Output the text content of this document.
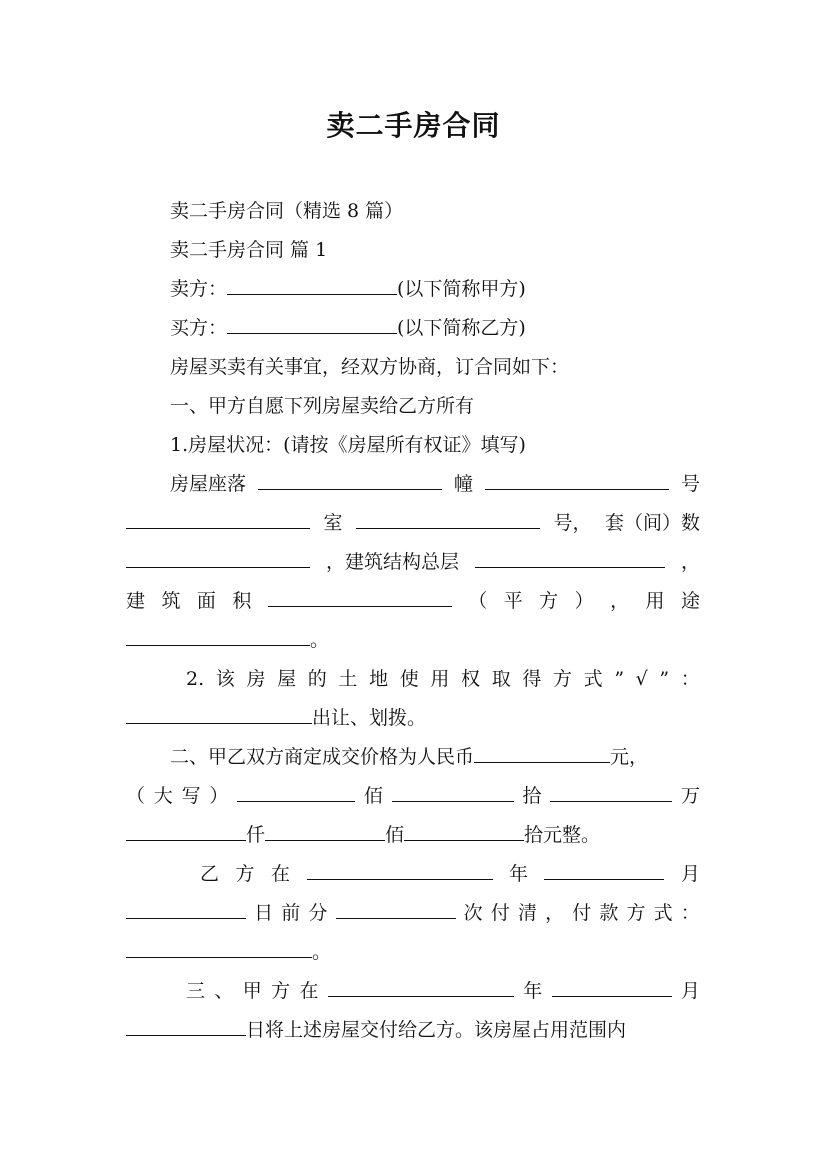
卖二手房合同
卖二手房合同（精选 8 篇）
卖二手房合同 篇 1
卖方：	(以下简称甲方)
买方：	(以下简称乙方)
房屋买卖有关事宜，经双方协商，订合同如下：
一、甲方自愿下列房屋卖给乙方所有
1.房屋状况：(请按《房屋所有权证》填写)
房屋座落	幢	号
室	号， 套（间）数
，建筑结构总层	，
建 筑 面 积	（ 平 方 ） ， 用 途
。
2. 该 房 屋 的 土 地 使 用 权 取 得 方 式 ” √ ” ：
出让、划拨。
二、甲乙双方商定成交价格为人民币	元，
（ 大 写 ）	佰	拾	万
仟	佰	拾元整。
乙 方 在	年	月
日 前 分	次 付 清 ， 付 款 方 式 ：
。
三 、 甲 方 在	年	月
日将上述房屋交付给乙方。该房屋占用范围内
